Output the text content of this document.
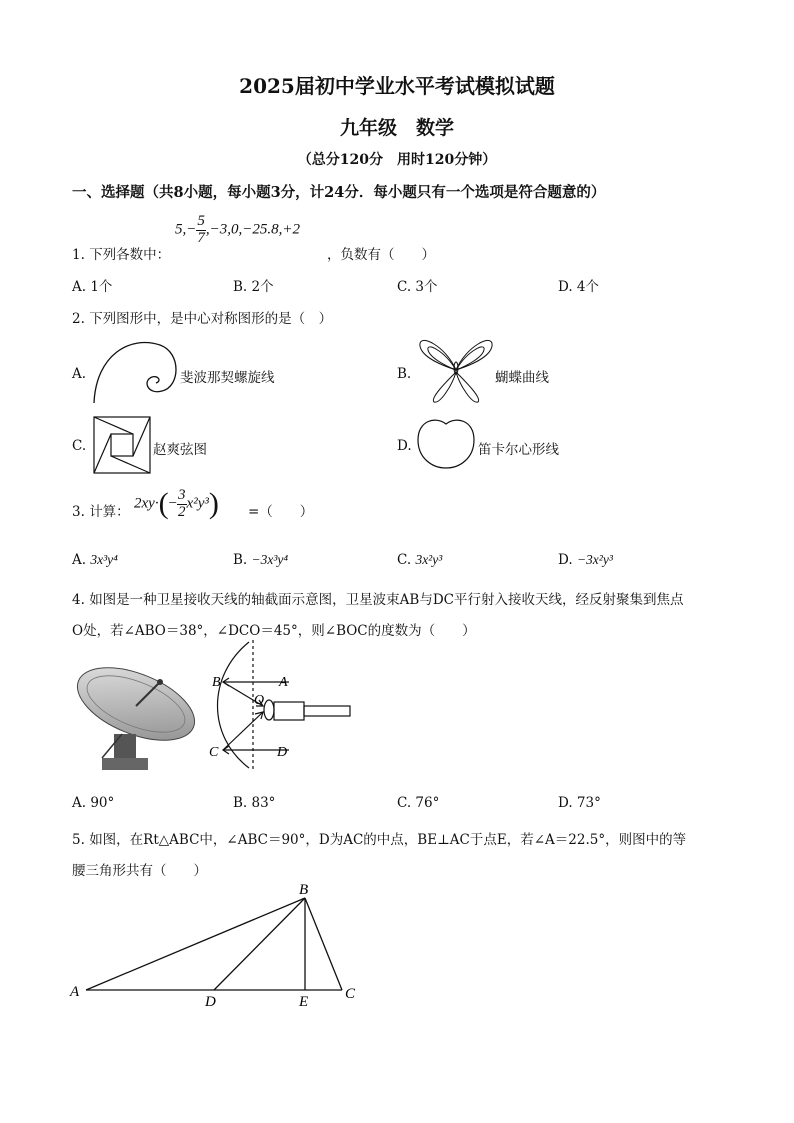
2025届初中学业水平考试模拟试题
九年级　数学
（总分120分　用时120分钟）
一、选择题（共8小题，每小题3分，计24分．每小题只有一个选项是符合题意的）
1. 下列各数中：
$5,- \frac{5}{7} ,-3,0,-25.8,+2$
，负数有（　　）
A. 1个	B. 2个	C. 3个	D. 4个
2. 下列图形中，是中心对称图形的是（　）
A.	斐波那契螺旋线	B.	蝴蝶曲线
C.	赵爽弦图	D.	笛卡尔心形线
3. 计算：
$2xy\cdot(- \frac{3}{2} x^2y^3)$ =（　　）
A. 3x³y⁴	B. −3x³y⁴	C. 3x²y³	D. −3x²y³
4. 如图是一种卫星接收天线的轴截面示意图，卫星波束AB与DC平行射入接收天线，经反射聚集到焦点
O处，若∠ABO＝38°，∠DCO＝45°，则∠BOC的度数为（　　）
B	A
O
C	D
A. 90°	B. 83°	C. 76°	D. 73°
5. 如图，在Rt△ABC中，∠ABC＝90°，D为AC的中点，BE⊥AC于点E，若∠A＝22.5°，则图中的等
腰三角形共有（　　）
A
B
C
D	E
